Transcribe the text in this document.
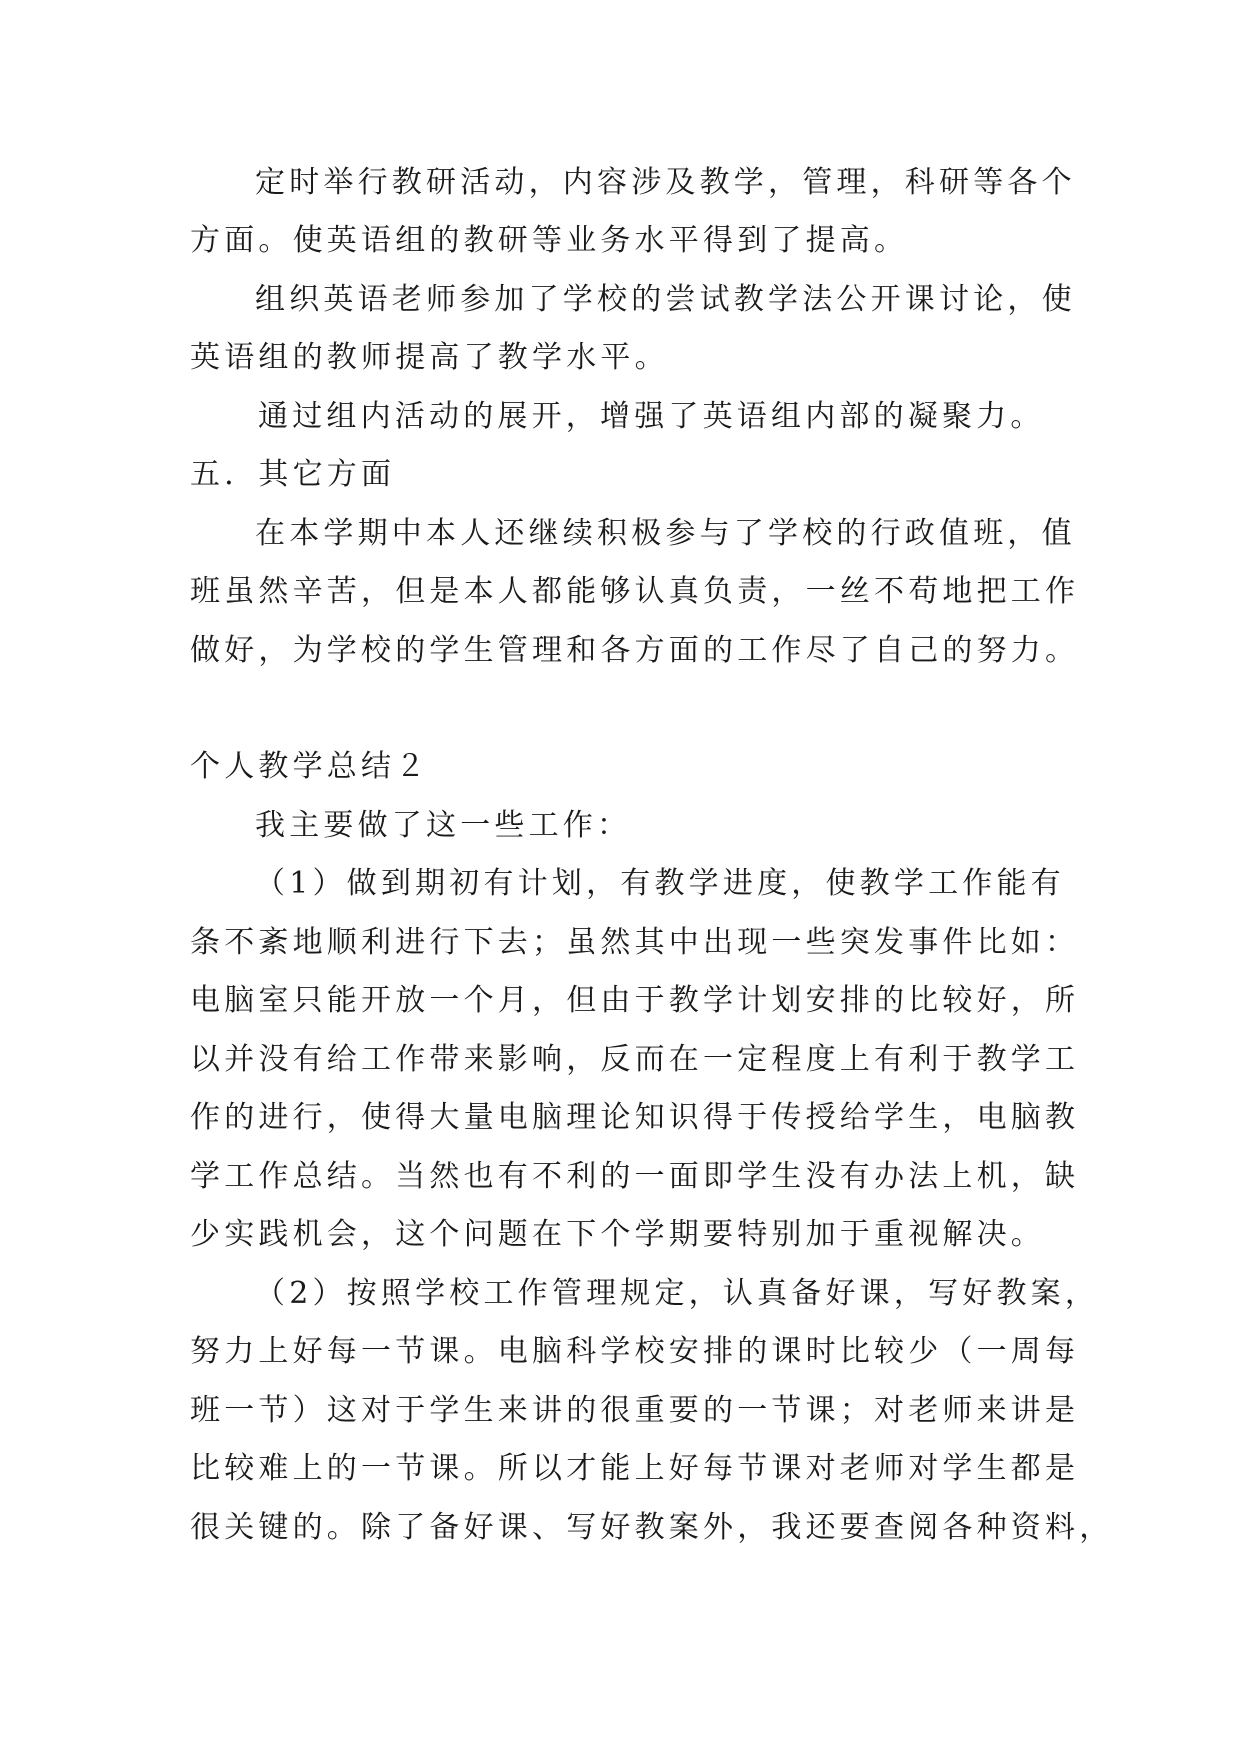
定时举行教研活动，内容涉及教学，管理，科研等各个
方面。使英语组的教研等业务水平得到了提高。
组织英语老师参加了学校的尝试教学法公开课讨论，使
英语组的教师提高了教学水平。
通过组内活动的展开，增强了英语组内部的凝聚力。
五．其它方面
在本学期中本人还继续积极参与了学校的行政值班，值
班虽然辛苦，但是本人都能够认真负责，一丝不苟地把工作
做好，为学校的学生管理和各方面的工作尽了自己的努力。
个人教学总结２
我主要做了这一些工作：
（1）做到期初有计划，有教学进度，使教学工作能有
条不紊地顺利进行下去；虽然其中出现一些突发事件比如：
电脑室只能开放一个月，但由于教学计划安排的比较好，所
以并没有给工作带来影响，反而在一定程度上有利于教学工
作的进行，使得大量电脑理论知识得于传授给学生，电脑教
学工作总结。当然也有不利的一面即学生没有办法上机，缺
少实践机会，这个问题在下个学期要特别加于重视解决。
（2）按照学校工作管理规定，认真备好课，写好教案，
努力上好每一节课。电脑科学校安排的课时比较少（一周每
班一节）这对于学生来讲的很重要的一节课；对老师来讲是
比较难上的一节课。所以才能上好每节课对老师对学生都是
很关键的。除了备好课、写好教案外，我还要查阅各种资料，
